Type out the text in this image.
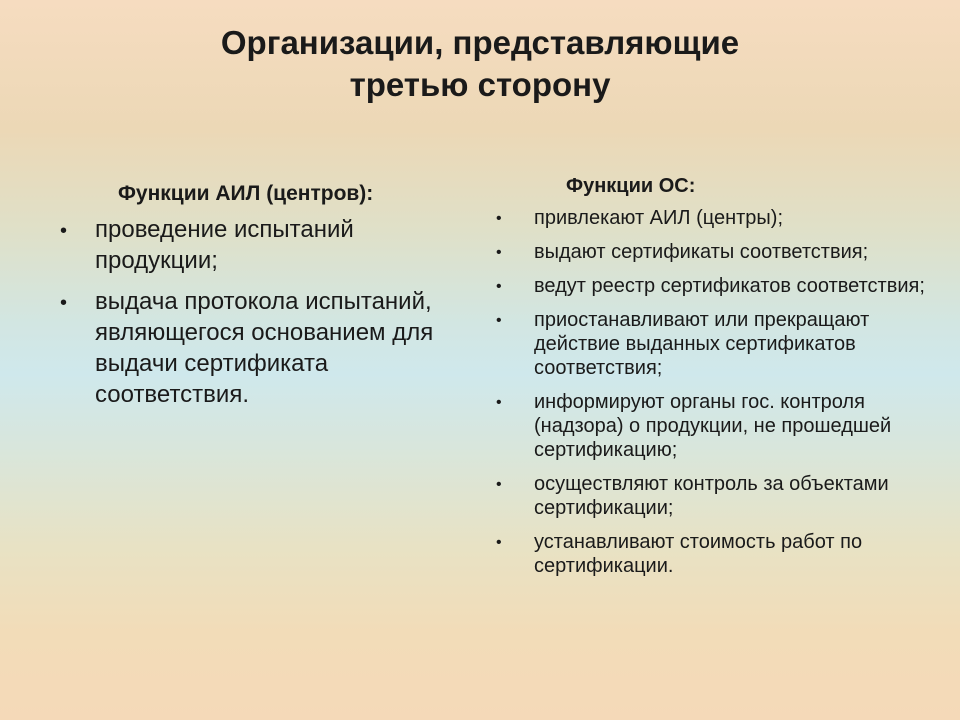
Организации, представляющие
третью сторону
Функции АИЛ (центров):
• проведение испытаний продукции;
• выдача протокола испытаний, являющегося основанием для выдачи сертификата соответствия.
Функции ОС:
• привлекают АИЛ (центры);
• выдают сертификаты соответствия;
• ведут реестр сертификатов соответствия;
• приостанавливают или прекращают действие выданных сертификатов соответствия;
• информируют органы гос. контроля (надзора) о продукции, не прошедшей сертификацию;
• осуществляют контроль за объектами сертификации;
• устанавливают стоимость работ по сертификации.
